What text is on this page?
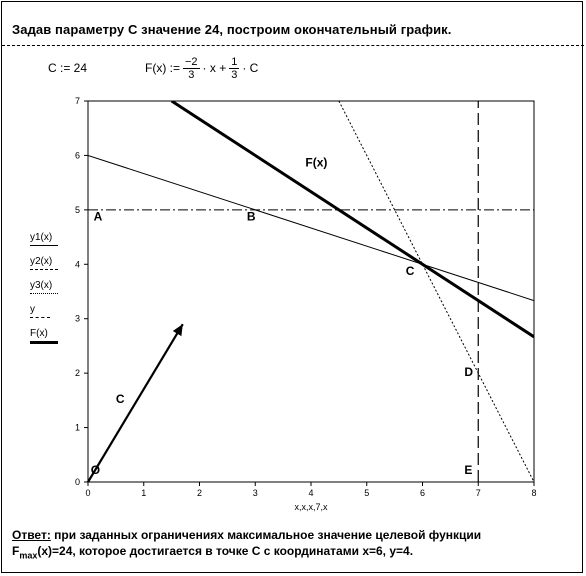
Задав параметру C значение 24, построим окончательный график.
C := 24	F(x) := $\frac{-2}{3} \cdot x + \frac{1}{3} \cdot C$
y1(x)
y2(x)
y3(x)
y
F(x)
0	1	2	3	4	5	6	7	8
0
1
2
3
4
5
6
7
x,x,x,7,x
C
A	B
C
D
E
O
F(x)
Ответ: при заданных ограничениях максимальное значение целевой функции
$F_{max}(x)=24$, которое достигается в точке C с координатами x=6, y=4.
